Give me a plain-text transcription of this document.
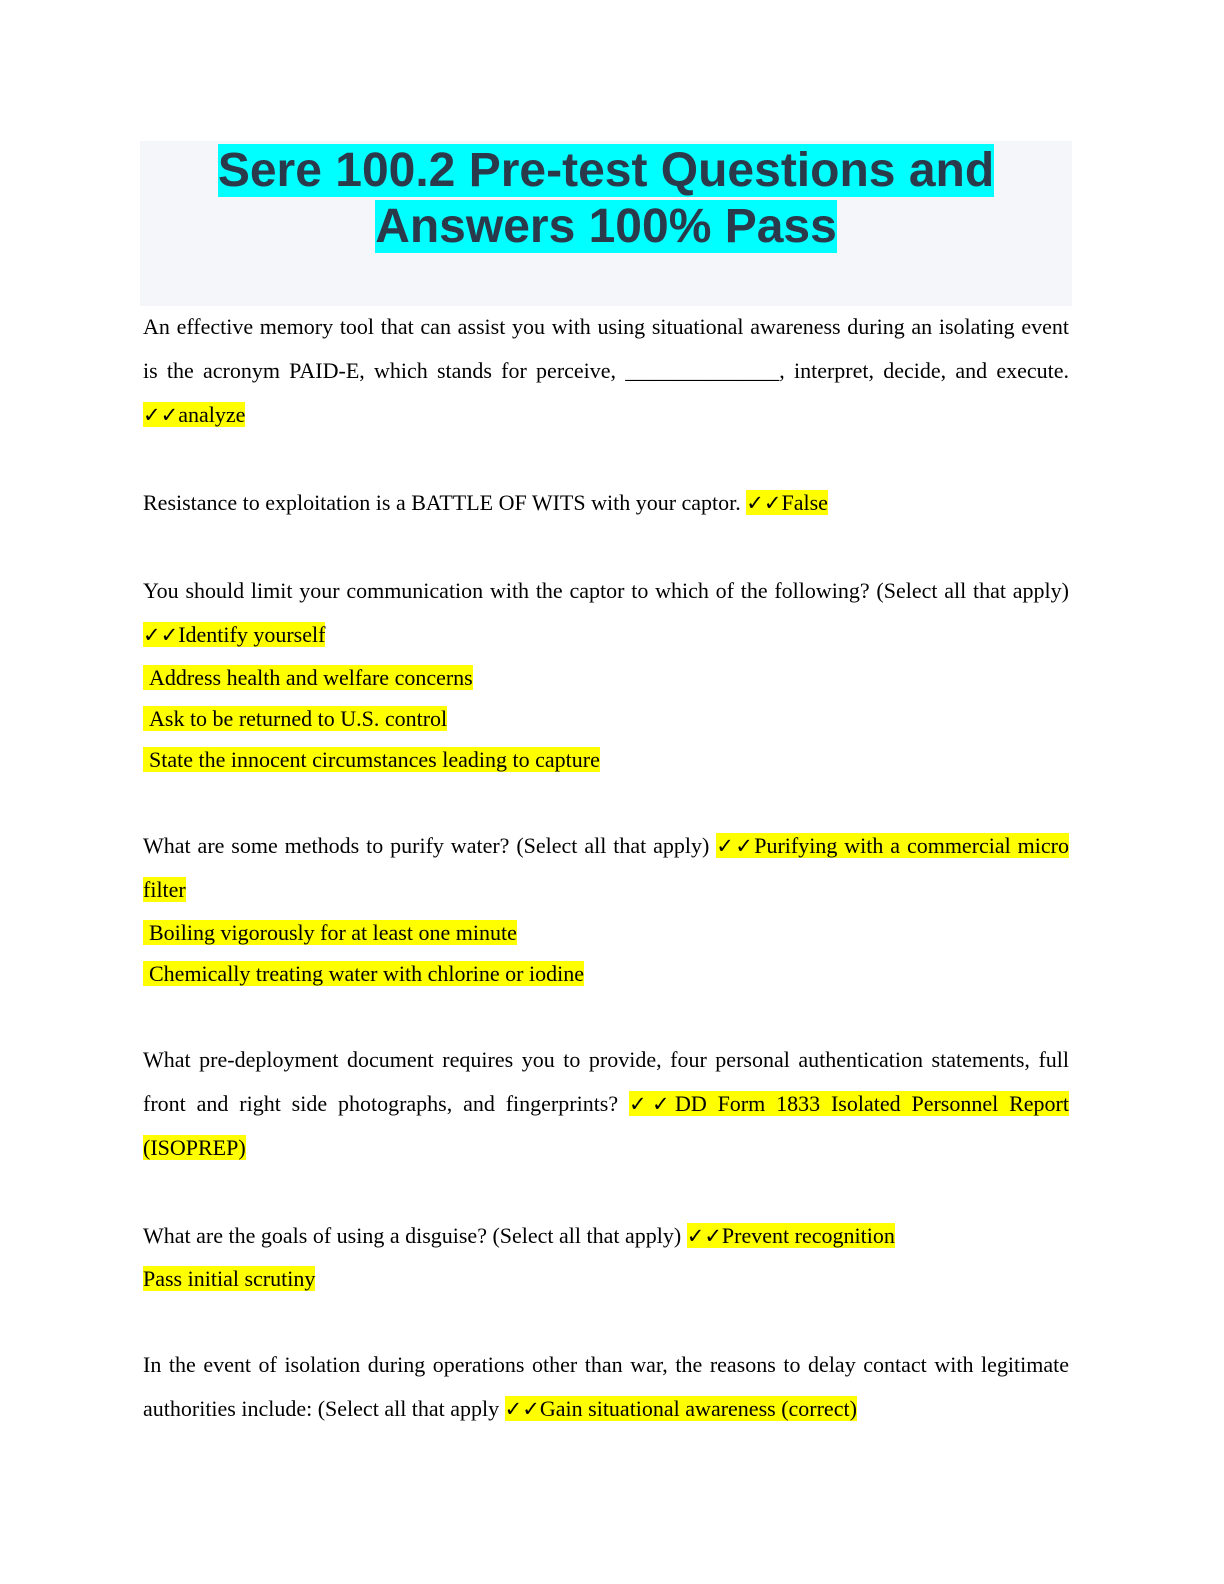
Sere 100.2 Pre-test Questions and Answers 100% Pass

An effective memory tool that can assist you with using situational awareness during an isolating event is the acronym PAID-E, which stands for perceive, ______________, interpret, decide, and execute. ✓✓analyze

Resistance to exploitation is a BATTLE OF WITS with your captor. ✓✓False

You should limit your communication with the captor to which of the following? (Select all that apply) ✓✓Identify yourself

Address health and welfare concerns
Ask to be returned to U.S. control
State the innocent circumstances leading to capture

What are some methods to purify water? (Select all that apply) ✓✓Purifying with a commercial micro filter

Boiling vigorously for at least one minute
Chemically treating water with chlorine or iodine

What pre-deployment document requires you to provide, four personal authentication statements, full front and right side photographs, and fingerprints? ✓✓DD Form 1833 Isolated Personnel Report (ISOPREP)

What are the goals of using a disguise? (Select all that apply) ✓✓Prevent recognition

Pass initial scrutiny

In the event of isolation during operations other than war, the reasons to delay contact with legitimate authorities include: (Select all that apply ✓✓Gain situational awareness (correct)
